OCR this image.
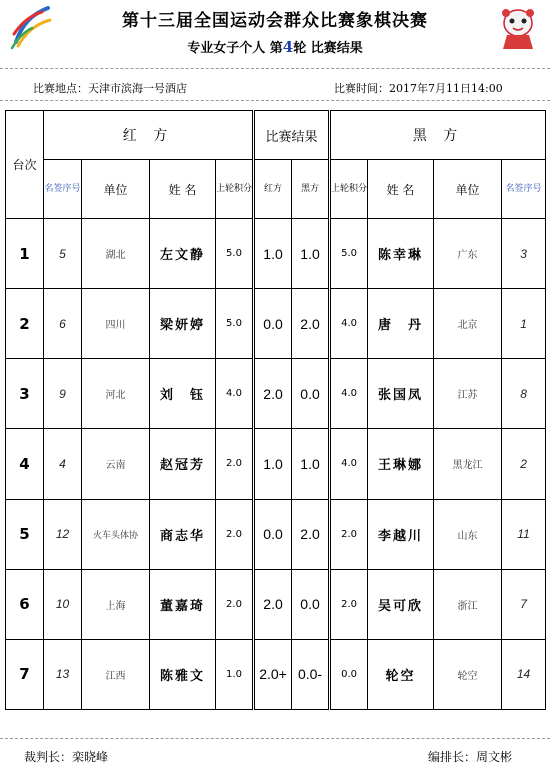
第十三届全国运动会群众比赛象棋决赛
专业女子个人 第4轮 比赛结果
比赛地点：天津市滨海一号酒店	比赛时间：2017年7月11日14:00
台次	红 方				比赛结果		黑 方			
	名签序号	单位	姓 名	上轮积分	红方	黑方	上轮积分	姓 名	单位	名签序号
1	5	湖北	左文静	5.0	1.0	1.0	5.0	陈幸琳	广东	3
2	6	四川	梁妍婷	5.0	0.0	2.0	4.0	唐　丹	北京	1
3	9	河北	刘　钰	4.0	2.0	0.0	4.0	张国凤	江苏	8
4	4	云南	赵冠芳	2.0	1.0	1.0	4.0	王琳娜	黑龙江	2
5	12	火车头体协	商志华	2.0	0.0	2.0	2.0	李越川	山东	11
6	10	上海	董嘉琦	2.0	2.0	0.0	2.0	吴可欣	浙江	7
7	13	江西	陈雅文	1.0	2.0+	0.0-	0.0	轮空	轮空	14
裁判长：栾晓峰	编排长：周文彬
